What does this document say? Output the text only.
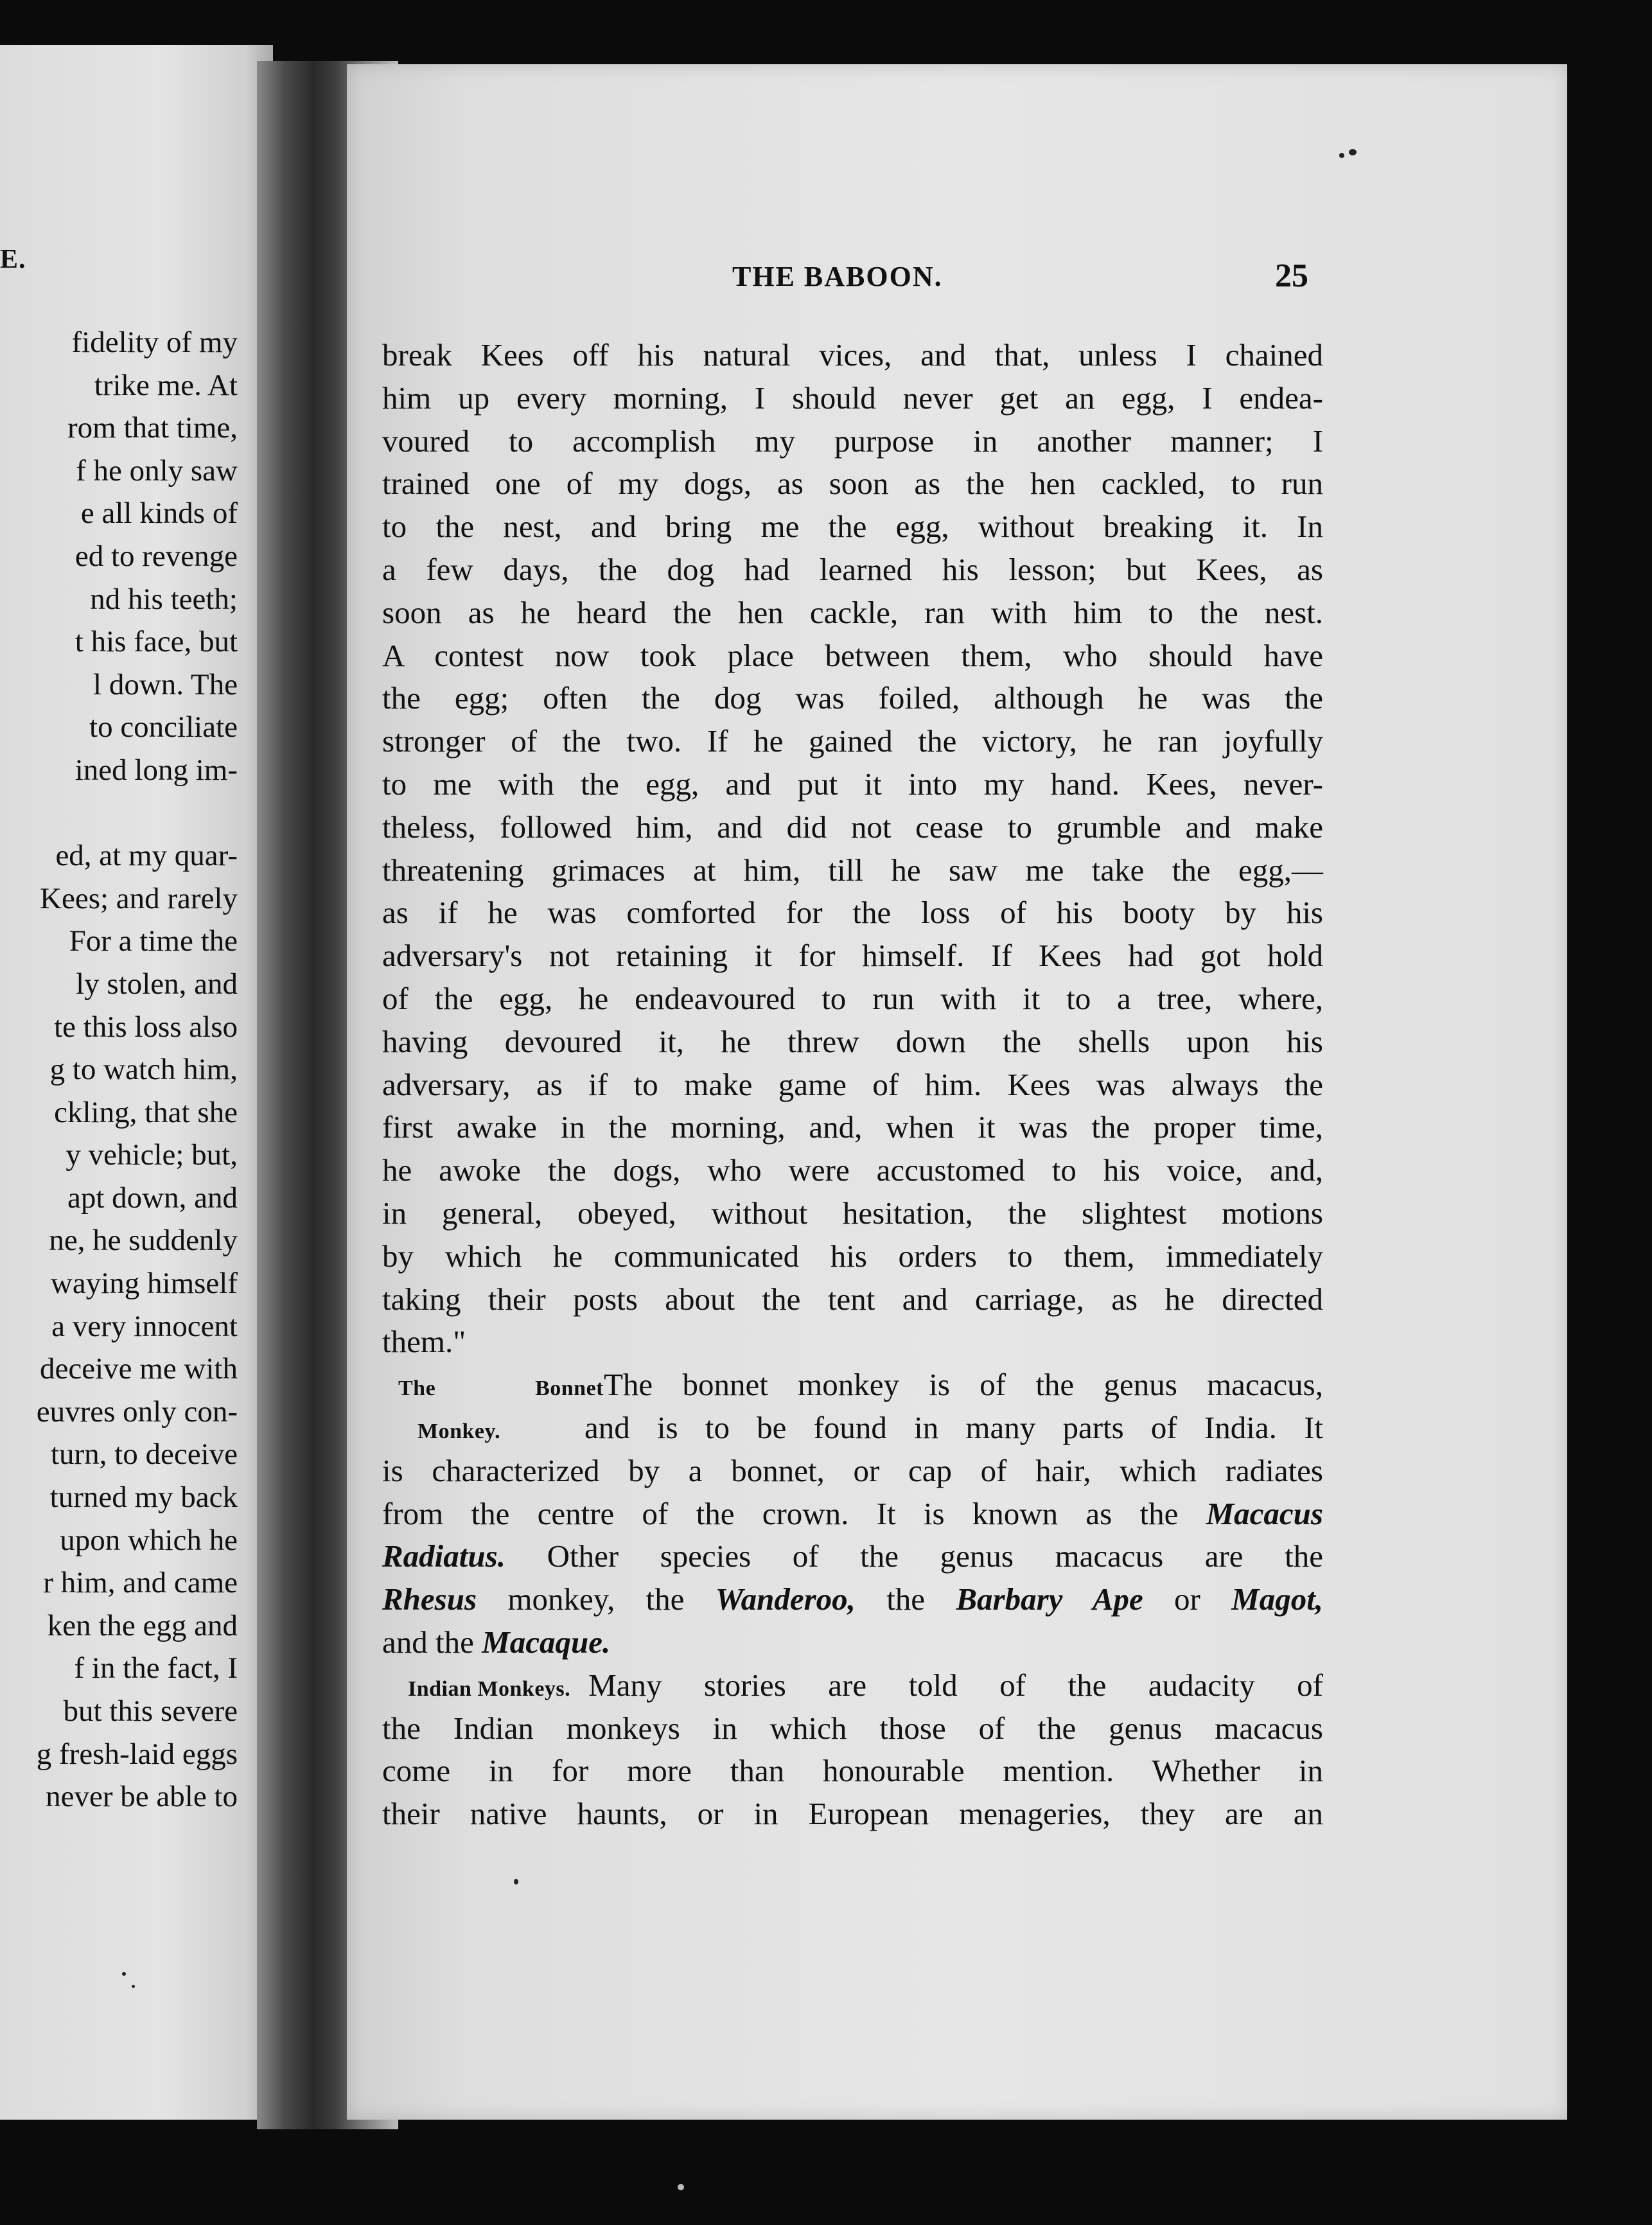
E.

fidelity of my
trike me. At
rom that time,
f he only saw
e all kinds of
ed to revenge
nd his teeth;
t his face, but
l down. The
to conciliate
ined long im-
ed, at my quar-
Kees; and rarely
For a time the
ly stolen, and
te this loss also
g to watch him,
ckling, that she
y vehicle; but,
apt down, and
ne, he suddenly
waying himself
a very innocent
deceive me with
euvres only con-
turn, to deceive
turned my back
upon which he
r him, and came
ken the egg and
f in the fact, I
but this severe
g fresh-laid eggs
never be able to

THE BABOON.	25

break Kees off his natural vices, and that, unless I chained
him up every morning, I should never get an egg, I endea-
voured to accomplish my purpose in another manner; I
trained one of my dogs, as soon as the hen cackled, to run
to the nest, and bring me the egg, without breaking it. In
a few days, the dog had learned his lesson; but Kees, as
soon as he heard the hen cackle, ran with him to the nest.
A contest now took place between them, who should have
the egg; often the dog was foiled, although he was the
stronger of the two. If he gained the victory, he ran joyfully
to me with the egg, and put it into my hand. Kees, never-
theless, followed him, and did not cease to grumble and make
threatening grimaces at him, till he saw me take the egg,—
as if he was comforted for the loss of his booty by his
adversary's not retaining it for himself. If Kees had got hold
of the egg, he endeavoured to run with it to a tree, where,
having devoured it, he threw down the shells upon his
adversary, as if to make game of him. Kees was always the
first awake in the morning, and, when it was the proper time,
he awoke the dogs, who were accustomed to his voice, and,
in general, obeyed, without hesitation, the slightest motions
by which he communicated his orders to them, immediately
taking their posts about the tent and carriage, as he directed
them."
The BonnetThe bonnet monkey is of the genus macacus,
Monkey.	and is to be found in many parts of India. It
is characterized by a bonnet, or cap of hair, which radiates
from the centre of the crown. It is known as the Macacus
Radiatus. Other species of the genus macacus are the
Rhesus monkey, the Wanderoo, the Barbary Ape or Magot,
and the Macaque.
Indian Monkeys. Many stories are told of the audacity of
the Indian monkeys in which those of the genus macacus
come in for more than honourable mention. Whether in
their native haunts, or in European menageries, they are an
